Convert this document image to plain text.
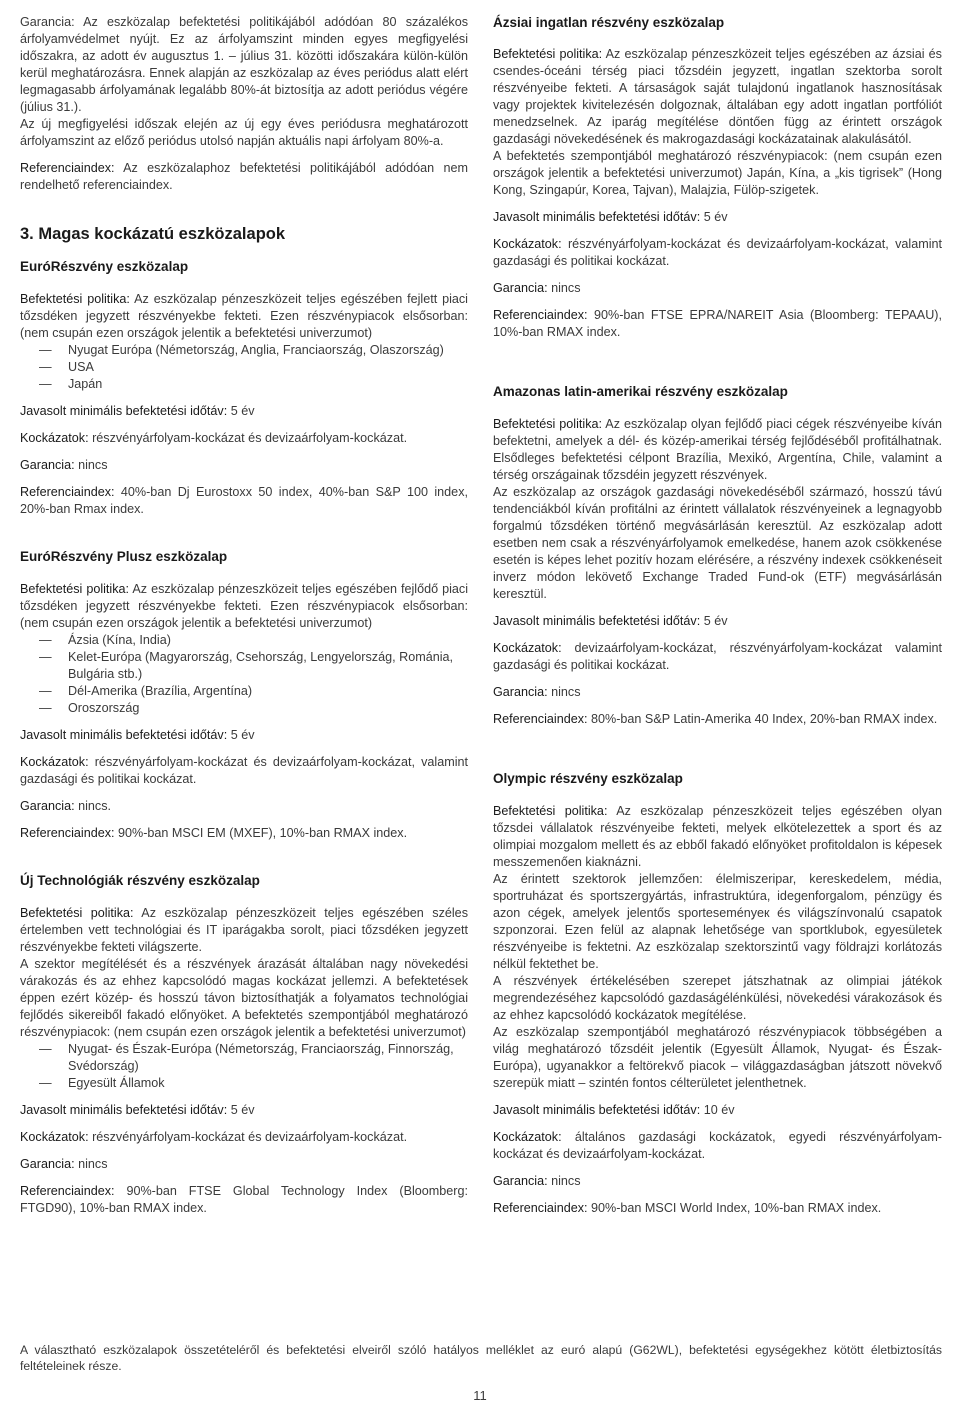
Garancia: Az eszközalap befektetési politikájából adódóan 80 százalékos árfolyamvédelmet nyújt. Ez az árfolyamszint minden egyes megfigyelési időszakra, az adott év augusztus 1. – július 31. közötti időszakára külön-külön kerül meghatározásra. Ennek alapján az eszközalap az éves periódus alatt elért legmagasabb árfolyamának legalább 80%-át biztosítja az adott periódus végére (július 31.).

Az új megfigyelési időszak elején az új egy éves periódusra meghatározott árfolyamszint az előző periódus utolsó napján aktuális napi árfolyam 80%-a.

Referenciaindex: Az eszközalaphoz befektetési politikájából adódóan nem rendelhető referenciaindex.

3. Magas kockázatú eszközalapok
EuróRészvény eszközalap

Befektetési politika: Az eszközalap pénzeszközeit teljes egészében fejlett piaci tőzsdéken jegyzett részvényekbe fekteti. Ezen részvénypiacok elsősorban: (nem csupán ezen országok jelentik a befektetési univerzumot)

— Nyugat Európa (Németország, Anglia, Franciaország, Olaszország)
— USA
— Japán

Javasolt minimális befektetési időtáv: 5 év

Kockázatok: részvényárfolyam-kockázat és devizaárfolyam-kockázat.

Garancia: nincs

Referenciaindex: 40%-ban Dj Eurostoxx 50 index, 40%-ban S&P 100 index, 20%-ban Rmax index.

EuróRészvény Plusz eszközalap

Befektetési politika: Az eszközalap pénzeszközeit teljes egészében fejlődő piaci tőzsdéken jegyzett részvényekbe fekteti. Ezen részvénypiacok elsősorban: (nem csupán ezen országok jelentik a befektetési univerzumot)

— Ázsia (Kína, India)
— Kelet-Európa (Magyarország, Csehország, Lengyelország, Románia, Bulgária stb.)
— Dél-Amerika (Brazília, Argentína)
— Oroszország

Javasolt minimális befektetési időtáv: 5 év

Kockázatok: részvényárfolyam-kockázat és devizaárfolyam-kockázat, valamint gazdasági és politikai kockázat.

Garancia: nincs.

Referenciaindex: 90%-ban MSCI EM (MXEF), 10%-ban RMAX index.

Új Technológiák részvény eszközalap

Befektetési politika: Az eszközalap pénzeszközeit teljes egészében széles értelemben vett technológiai és IT iparágakba sorolt, piaci tőzsdéken jegyzett részvényekbe fekteti világszerte.

A szektor megítélését és a részvények árazását általában nagy növekedési várakozás és az ehhez kapcsolódó magas kockázat jellemzi. A befektetések éppen ezért közép- és hosszú távon biztosíthatják a folyamatos technológiai fejlődés sikereiből fakadó előnyöket. A befektetés szempontjából meghatározó részvénypiacok: (nem csupán ezen országok jelentik a befektetési univerzumot)

— Nyugat- és Észak-Európa (Németország, Franciaország, Finnország, Svédország)
— Egyesült Államok

Javasolt minimális befektetési időtáv: 5 év

Kockázatok: részvényárfolyam-kockázat és devizaárfolyam-kockázat.

Garancia: nincs

Referenciaindex: 90%-ban FTSE Global Technology Index (Bloomberg: FTGD90), 10%-ban RMAX index.

Ázsiai ingatlan részvény eszközalap

Befektetési politika: Az eszközalap pénzeszközeit teljes egészében az ázsiai és csendes-óceáni térség piaci tőzsdéin jegyzett, ingatlan szektorba sorolt részvényeibe fekteti. A társaságok saját tulajdonú ingatlanok hasznosításak vagy projektek kivitelezésén dolgoznak, általában egy adott ingatlan portfóliót menedzselnek. Az iparág megítélése döntően függ az érintett országok gazdasági növekedésének és makrogazdasági kockázatainak alakulásától.

A befektetés szempontjából meghatározó részvénypiacok: (nem csupán ezen országok jelentik a befektetési univerzumot) Japán, Kína, a „kis tigrisek” (Hong Kong, Szingapúr, Korea, Tajvan), Malajzia, Fülöp-szigetek.

Javasolt minimális befektetési időtáv: 5 év

Kockázatok: részvényárfolyam-kockázat és devizaárfolyam-kockázat, valamint gazdasági és politikai kockázat.

Garancia: nincs

Referenciaindex: 90%-ban FTSE EPRA/NAREIT Asia (Bloomberg: TEPAAU), 10%-ban RMAX index.

Amazonas latin-amerikai részvény eszközalap

Befektetési politika: Az eszközalap olyan fejlődő piaci cégek részvényeibe kíván befektetni, amelyek a dél- és közép-amerikai térség fejlődéséből profitálhatnak. Elsődleges befektetési célpont Brazília, Mexikó, Argentína, Chile, valamint a térség országainak tőzsdéin jegyzett részvények.

Az eszközalap az országok gazdasági növekedéséből származó, hosszú távú tendenciákból kíván profitálni az érintett vállalatok részvényeinek a legnagyobb forgalmú tőzsdéken történő megvásárlásán keresztül. Az eszközalap adott esetben nem csak a részvényárfolyamok emelkedése, hanem azok csökkenése esetén is képes lehet pozitív hozam elérésére, a részvény indexek csökkenéseit inverz módon lekövető Exchange Traded Fund-ok (ETF) megvásárlásán keresztül.

Javasolt minimális befektetési időtáv: 5 év

Kockázatok: devizaárfolyam-kockázat, részvényárfolyam-kockázat valamint gazdasági és politikai kockázat.

Garancia: nincs

Referenciaindex: 80%-ban S&P Latin-Amerika 40 Index, 20%-ban RMAX index.

Olympic részvény eszközalap

Befektetési politika: Az eszközalap pénzeszközeit teljes egészében olyan tőzsdei vállalatok részvényeibe fekteti, melyek elkötelezettek a sport és az olimpiai mozgalom mellett és az ebből fakadó előnyöket profitoldalon is képesek messzemenően kiaknázni.

Az érintett szektorok jellemzően: élelmiszeripar, kereskedelem, média, sportruházat és sportszergyártás, infrastruktúra, idegenforgalom, pénzügy és azon cégek, amelyek jelentős sporteseményeк és világszínvonalú csapatok szponzorai. Ezen felül az alapnak lehetősége van sportklubok, egyesületek részvényeibe is fektetni. Az eszközalap szektorszintű vagy földrajzi korlátozás nélkül fektethet be.

A részvények értékelésében szerepet játszhatnak az olimpiai játékok megrendezéséhez kapcsolódó gazdaságélénkülési, növekedési várakozások és az ehhez kapcsolódó kockázatok megítélése.

Az eszközalap szempontjából meghatározó részvénypiacok többségében a világ meghatározó tőzsdéit jelentik (Egyesült Államok, Nyugat- és Észak-Európa), ugyanakkor a feltörekvő piacok – világgazdaságban játszott növekvő szerepük miatt – szintén fontos célterületet jelenthetnek.

Javasolt minimális befektetési időtáv: 10 év

Kockázatok: általános gazdasági kockázatok, egyedi részvényárfolyam-kockázat és devizaárfolyam-kockázat.

Garancia: nincs

Referenciaindex: 90%-ban MSCI World Index, 10%-ban RMAX index.

A választható eszközalapok összetételéről és befektetési elveiről szóló hatályos melléklet az euró alapú (G62WL), befektetési egységekhez kötött életbiztosítás feltételeinek része.
11
